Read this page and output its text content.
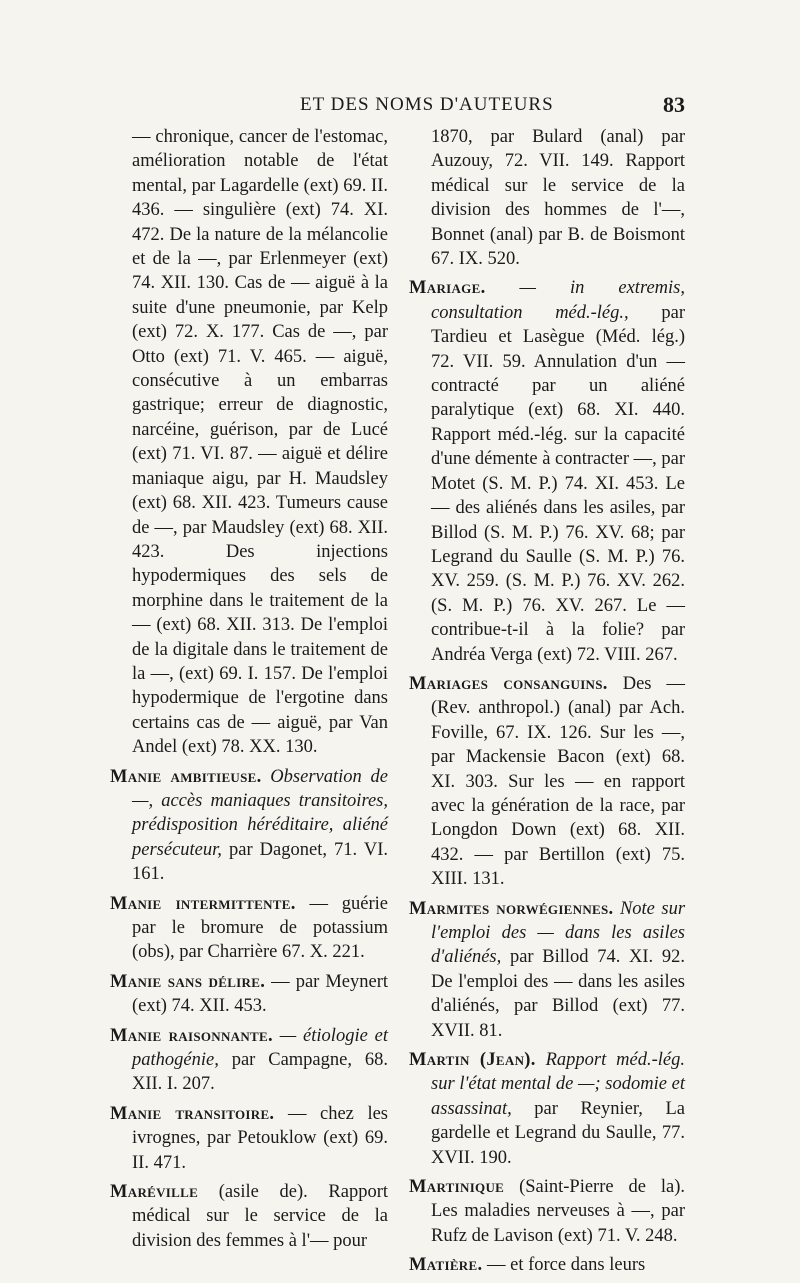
ET DES NOMS D'AUTEURS	83

— chronique, cancer de l'estomac, amélioration notable de l'état mental, par Lagardelle (ext) 69. II. 436. — singulière (ext) 74. XI. 472. De la nature de la mélancolie et de la —, par Erlenmeyer (ext) 74. XII. 130. Cas de — aiguë à la suite d'une pneumonie, par Kelp (ext) 72. X. 177. Cas de —, par Otto (ext) 71. V. 465. — aiguë, consécutive à un embarras gastrique; erreur de diagnostic, narcéine, guérison, par de Lucé (ext) 71. VI. 87. — aiguë et délire maniaque aigu, par H. Maudsley (ext) 68. XII. 423. Tumeurs cause de —, par Maudsley (ext) 68. XII. 423. Des injections hypodermiques des sels de morphine dans le traitement de la — (ext) 68. XII. 313. De l'emploi de la digitale dans le traitement de la —, (ext) 69. I. 157. De l'emploi hypodermique de l'ergotine dans certains cas de — aiguë, par Van Andel (ext) 78. XX. 130.

Manie ambitieuse. Observation de —, accès maniaques transitoires, prédisposition héréditaire, aliéné persécuteur, par Dagonet, 71. VI. 161.

Manie intermittente. — guérie par le bromure de potassium (obs), par Charrière 67. X. 221.

Manie sans délire. — par Meynert (ext) 74. XII. 453.

Manie raisonnante. — étiologie et pathogénie, par Campagne, 68. XII. I. 207.

Manie transitoire. — chez les ivrognes, par Petouklow (ext) 69. II. 471.

Maréville (asile de). Rapport médical sur le service de la division des femmes à l'— pour

1870, par Bulard (anal) par Auzouy, 72. VII. 149. Rapport médical sur le service de la division des hommes de l'—, Bonnet (anal) par B. de Boismont 67. IX. 520.

Mariage. — in extremis, consultation méd.-lég., par Tardieu et Lasègue (Méd. lég.) 72. VII. 59. Annulation d'un — contracté par un aliéné paralytique (ext) 68. XI. 440. Rapport méd.-lég. sur la capacité d'une démente à contracter —, par Motet (S. M. P.) 74. XI. 453. Le — des aliénés dans les asiles, par Billod (S. M. P.) 76. XV. 68; par Legrand du Saulle (S. M. P.) 76. XV. 259. (S. M. P.) 76. XV. 262. (S. M. P.) 76. XV. 267. Le — contribue-t-il à la folie? par Andréa Verga (ext) 72. VIII. 267.

Mariages consanguins. Des —(Rev. anthropol.) (anal) par Ach. Foville, 67. IX. 126. Sur les —, par Mackensie Bacon (ext) 68. XI. 303. Sur les — en rapport avec la génération de la race, par Longdon Down (ext) 68. XII. 432. — par Bertillon (ext) 75. XIII. 131.

Marmites norwégiennes. Note sur l'emploi des — dans les asiles d'aliénés, par Billod 74. XI. 92. De l'emploi des — dans les asiles d'aliénés, par Billod (ext) 77. XVII. 81.

Martin (Jean). Rapport méd.-lég. sur l'état mental de —; sodomie et assassinat, par Reynier, La gardelle et Legrand du Saulle, 77. XVII. 190.

Martinique (Saint-Pierre de la). Les maladies nerveuses à —, par Rufz de Lavison (ext) 71. V. 248.

Matière. — et force dans leurs
